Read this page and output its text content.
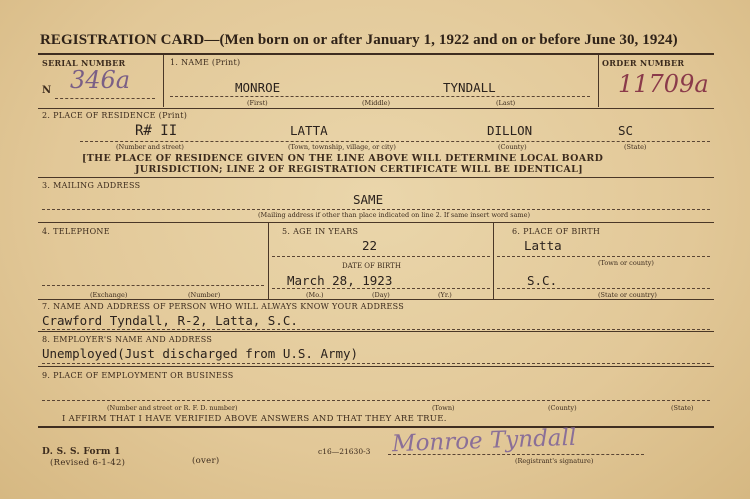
REGISTRATION CARD—(Men born on or after January 1, 1922 and on or before June 30, 1924)
SERIAL NUMBER
N 346a
1. NAME (Print)
MONROE	TYNDALL
(First)	(Middle)	(Last)
ORDER NUMBER
11709a
2. PLACE OF RESIDENCE (Print)
R# II	LATTA	DILLON	SC
(Number and street)	(Town, township, village, or city)	(County)	(State)
[THE PLACE OF RESIDENCE GIVEN ON THE LINE ABOVE WILL DETERMINE LOCAL BOARD
JURISDICTION; LINE 2 OF REGISTRATION CERTIFICATE WILL BE IDENTICAL]
3. MAILING ADDRESS
SAME
(Mailing address if other than place indicated on line 2. If same insert word same)
4. TELEPHONE
(Exchange)	(Number)
5. AGE IN YEARS
22
DATE OF BIRTH
March 28, 1923
(Mo.)	(Day)	(Yr.)
6. PLACE OF BIRTH
Latta
(Town or county)
S.C.
(State or country)
7. NAME AND ADDRESS OF PERSON WHO WILL ALWAYS KNOW YOUR ADDRESS
Crawford Tyndall, R-2, Latta, S.C.
8. EMPLOYER'S NAME AND ADDRESS
Unemployed(Just discharged from U.S. Army)
9. PLACE OF EMPLOYMENT OR BUSINESS
(Number and street or R. F. D. number)	(Town)	(County)	(State)
I AFFIRM THAT I HAVE VERIFIED ABOVE ANSWERS AND THAT THEY ARE TRUE.
D. S. S. Form 1
(Revised 6-1-42)	(over)
c16—21630-3 Monroe Tyndall
(Registrant's signature)
